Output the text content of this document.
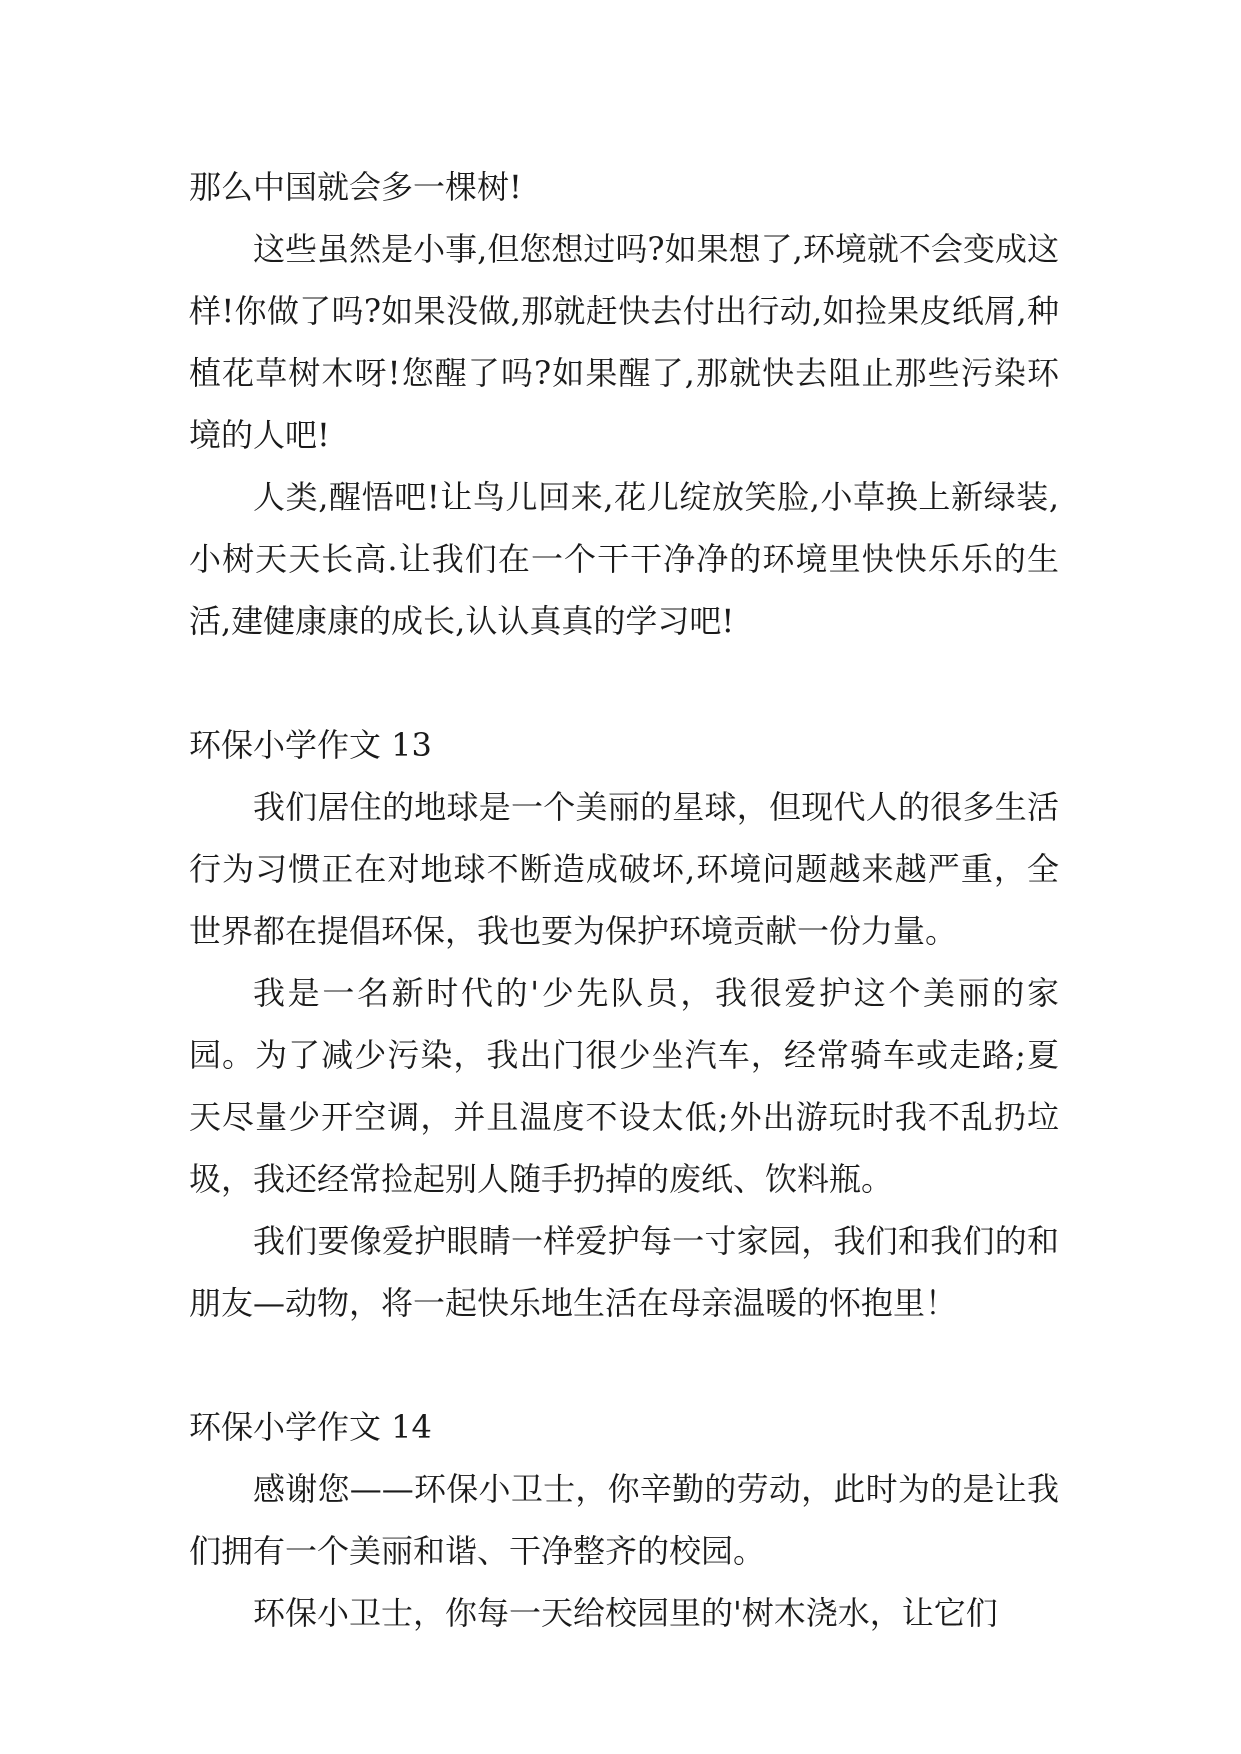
那么中国就会多一棵树!

这些虽然是小事,但您想过吗?如果想了,环境就不会变成这样!你做了吗?如果没做,那就赶快去付出行动,如捡果皮纸屑,种植花草树木呀!您醒了吗?如果醒了,那就快去阻止那些污染环境的人吧!

人类,醒悟吧!让鸟儿回来,花儿绽放笑脸,小草换上新绿装,小树天天长高.让我们在一个干干净净的环境里快快乐乐的生活,建健康康的成长,认认真真的学习吧!

环保小学作文 13

我们居住的地球是一个美丽的星球，但现代人的很多生活行为习惯正在对地球不断造成破坏,环境问题越来越严重，全世界都在提倡环保，我也要为保护环境贡献一份力量。

我是一名新时代的'少先队员，我很爱护这个美丽的家园。为了减少污染，我出门很少坐汽车，经常骑车或走路;夏天尽量少开空调，并且温度不设太低;外出游玩时我不乱扔垃圾，我还经常捡起别人随手扔掉的废纸、饮料瓶。

我们要像爱护眼睛一样爱护每一寸家园，我们和我们的和朋友—动物，将一起快乐地生活在母亲温暖的怀抱里！

环保小学作文 14

感谢您——环保小卫士，你辛勤的劳动，此时为的是让我们拥有一个美丽和谐、干净整齐的校园。

环保小卫士，你每一天给校园里的'树木浇水，让它们
